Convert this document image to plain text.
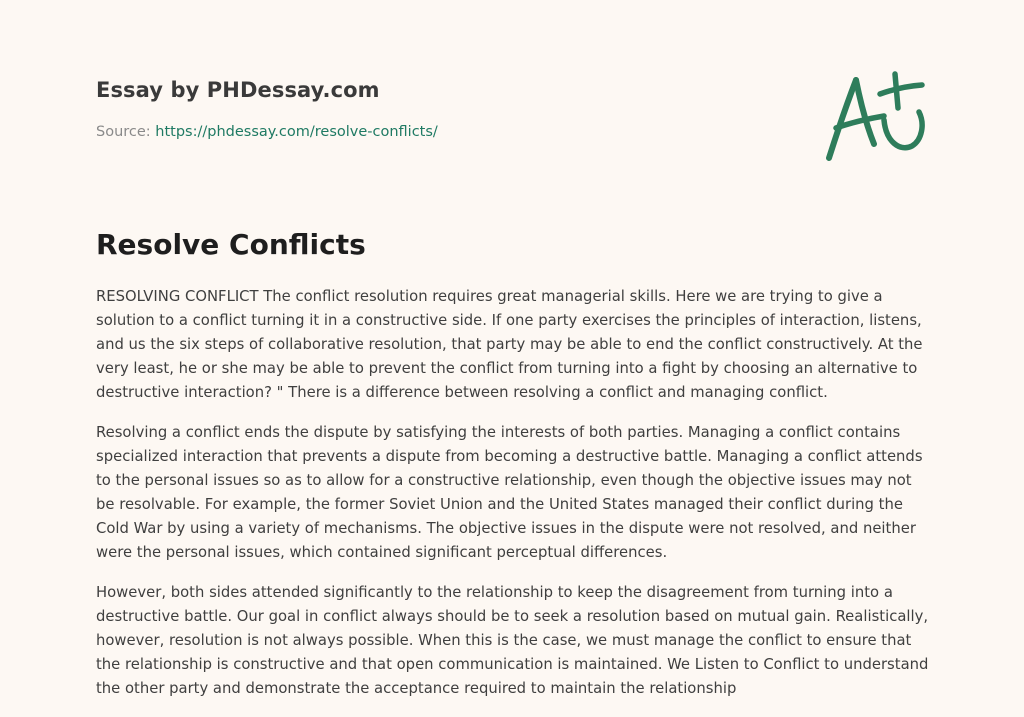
Essay by PHDessay.com
Source: https://phdessay.com/resolve-conflicts/
Resolve Conflicts

RESOLVING CONFLICT The conflict resolution requires great managerial skills. Here we are trying to give a solution to a conflict turning it in a constructive side. If one party exercises the principles of interaction, listens, and us the six steps of collaborative resolution, that party may be able to end the conflict constructively. At the very least, he or she may be able to prevent the conflict from turning into a fight by choosing an alternative to destructive interaction? " There is a difference between resolving a conflict and managing conflict.

Resolving a conflict ends the dispute by satisfying the interests of both parties. Managing a conflict contains specialized interaction that prevents a dispute from becoming a destructive battle. Managing a conflict attends to the personal issues so as to allow for a constructive relationship, even though the objective issues may not be resolvable. For example, the former Soviet Union and the United States managed their conflict during the Cold War by using a variety of mechanisms. The objective issues in the dispute were not resolved, and neither were the personal issues, which contained significant perceptual differences.

However, both sides attended significantly to the relationship to keep the disagreement from turning into a destructive battle. Our goal in conflict always should be to seek a resolution based on mutual gain. Realistically, however, resolution is not always possible. When this is the case, we must manage the conflict to ensure that the relationship is constructive and that open communication is maintained. We Listen to Conflict to understand the other party and demonstrate the acceptance required to maintain the relationship
